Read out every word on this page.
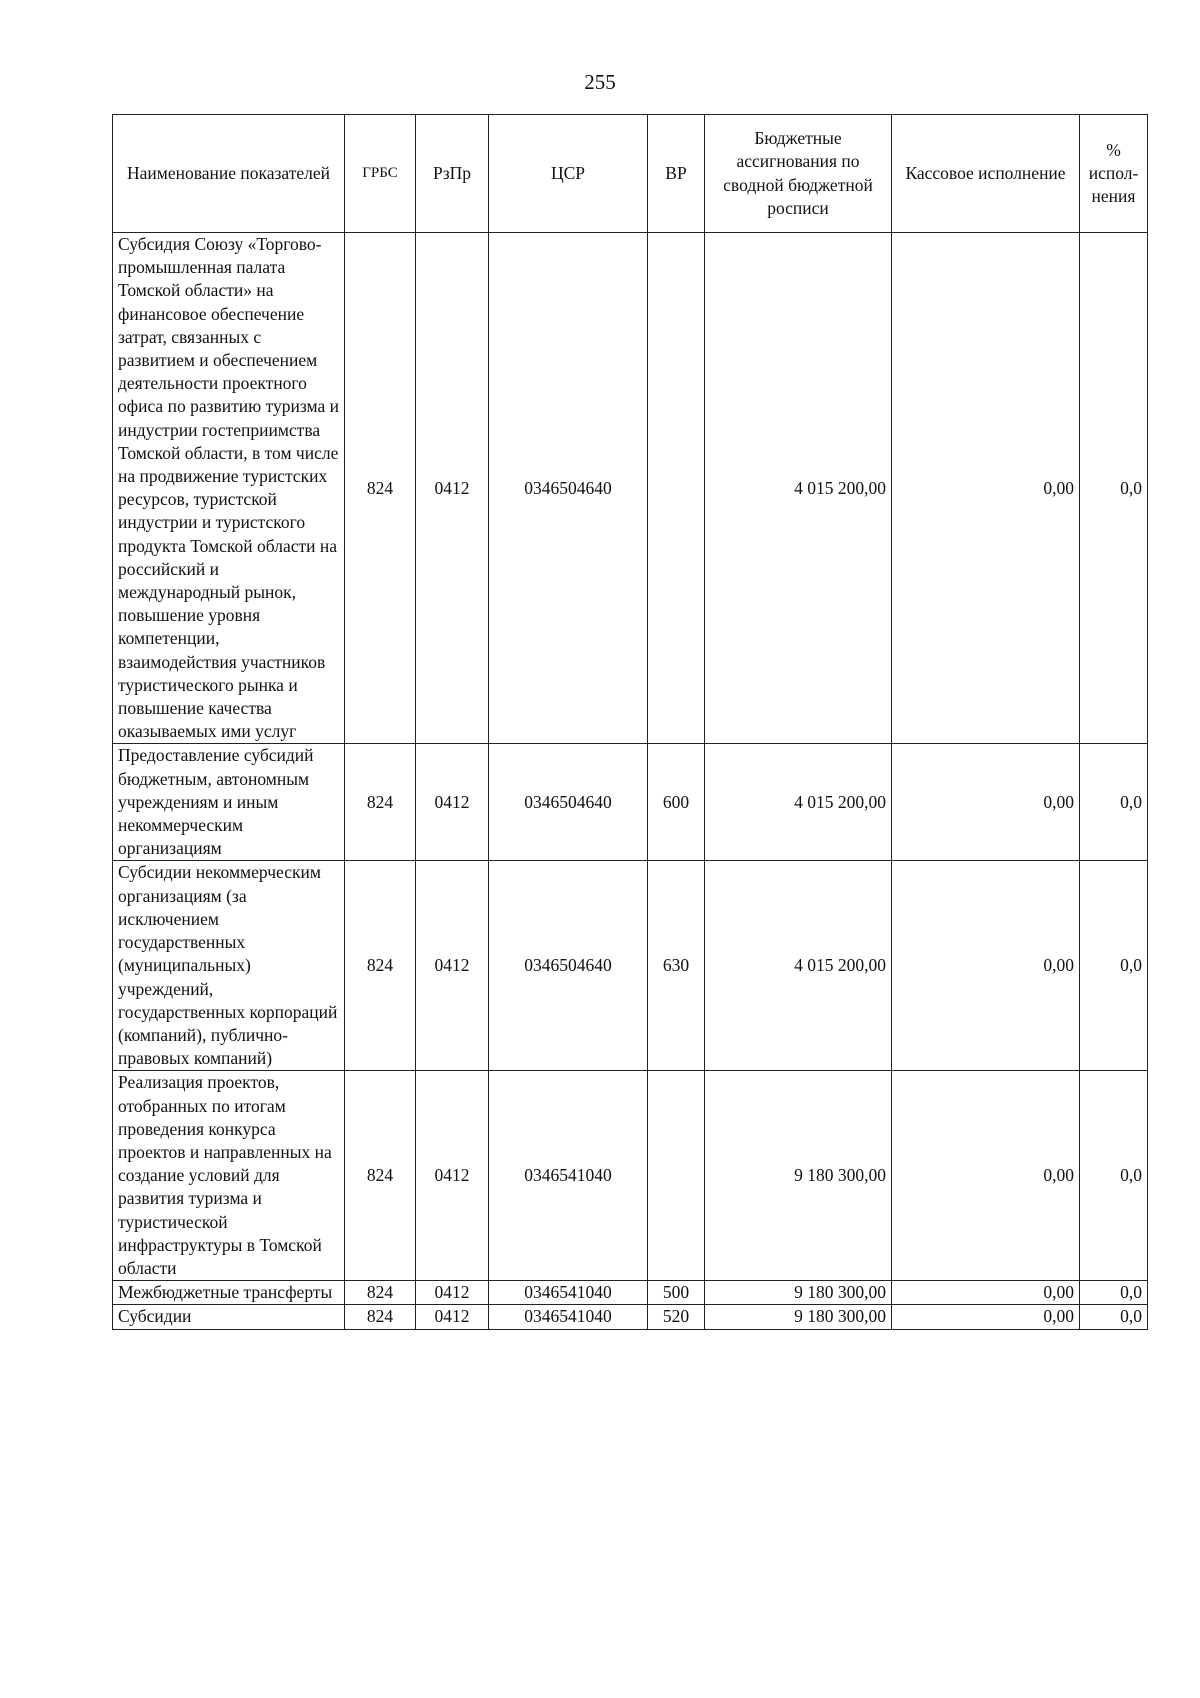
255
Наименование показателей	ГРБС	РзПр	ЦСР	ВР	Бюджетные ассигнования по сводной бюджетной росписи	Кассовое исполнение	% испол-нения
Субсидия Союзу «Торгово-промышленная палата Томской области» на финансовое обеспечение затрат, связанных с развитием и обеспечением деятельности проектного офиса по развитию туризма и индустрии гостеприимства Томской области, в том числе на продвижение туристских ресурсов, туристской индустрии и туристского продукта Томской области на российский и международный рынок, повышение уровня компетенции, взаимодействия участников туристического рынка и повышение качества оказываемых ими услуг	824	0412	0346504640		4 015 200,00	0,00	0,0
Предоставление субсидий бюджетным, автономным учреждениям и иным некоммерческим организациям	824	0412	0346504640	600	4 015 200,00	0,00	0,0
Субсидии некоммерческим организациям (за исключением государственных (муниципальных) учреждений, государственных корпораций (компаний), публично-правовых компаний)	824	0412	0346504640	630	4 015 200,00	0,00	0,0
Реализация проектов, отобранных по итогам проведения конкурса проектов и направленных на создание условий для развития туризма и туристической инфраструктуры в Томской области	824	0412	0346541040		9 180 300,00	0,00	0,0
Межбюджетные трансферты	824	0412	0346541040	500	9 180 300,00	0,00	0,0
Субсидии	824	0412	0346541040	520	9 180 300,00	0,00	0,0
